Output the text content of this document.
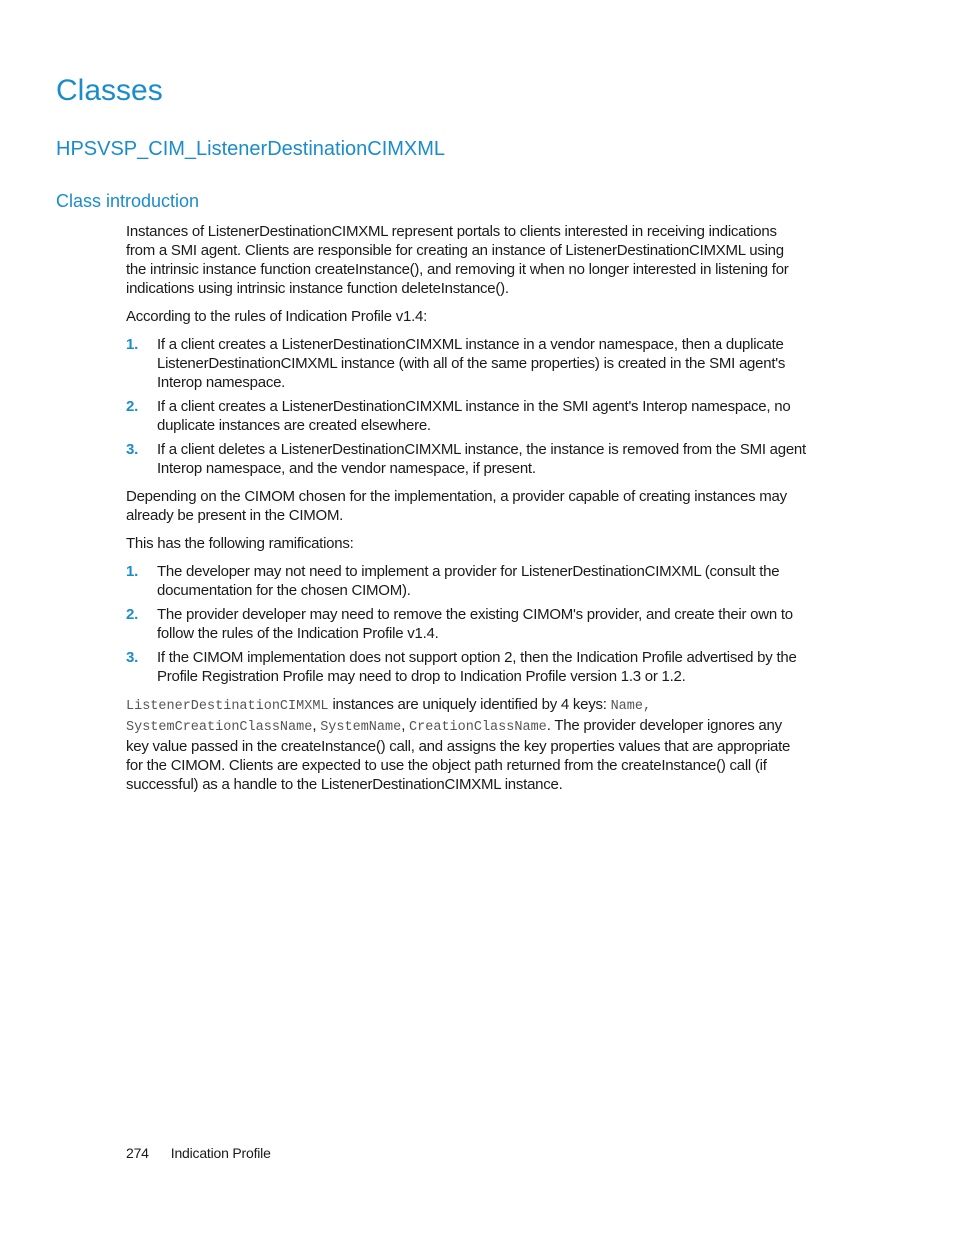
Classes
HPSVSP_CIM_ListenerDestinationCIMXML
Class introduction

Instances of ListenerDestinationCIMXML represent portals to clients interested in receiving indications from a SMI agent. Clients are responsible for creating an instance of ListenerDestinationCIMXML using the intrinsic instance function createInstance(), and removing it when no longer interested in listening for indications using intrinsic instance function deleteInstance().

According to the rules of Indication Profile v1.4:

1. If a client creates a ListenerDestinationCIMXML instance in a vendor namespace, then a duplicate ListenerDestinationCIMXML instance (with all of the same properties) is created in the SMI agent's Interop namespace.
2. If a client creates a ListenerDestinationCIMXML instance in the SMI agent's Interop namespace, no duplicate instances are created elsewhere.
3. If a client deletes a ListenerDestinationCIMXML instance, the instance is removed from the SMI agent Interop namespace, and the vendor namespace, if present.

Depending on the CIMOM chosen for the implementation, a provider capable of creating instances may already be present in the CIMOM.

This has the following ramifications:

1. The developer may not need to implement a provider for ListenerDestinationCIMXML (consult the documentation for the chosen CIMOM).
2. The provider developer may need to remove the existing CIMOM's provider, and create their own to follow the rules of the Indication Profile v1.4.
3. If the CIMOM implementation does not support option 2, then the Indication Profile advertised by the Profile Registration Profile may need to drop to Indication Profile version 1.3 or 1.2.

ListenerDestinationCIMXML instances are uniquely identified by 4 keys: Name, SystemCreationClassName, SystemName, CreationClassName. The provider developer ignores any key value passed in the createInstance() call, and assigns the key properties values that are appropriate for the CIMOM. Clients are expected to use the object path returned from the createInstance() call (if successful) as a handle to the ListenerDestinationCIMXML instance.

274 Indication Profile
